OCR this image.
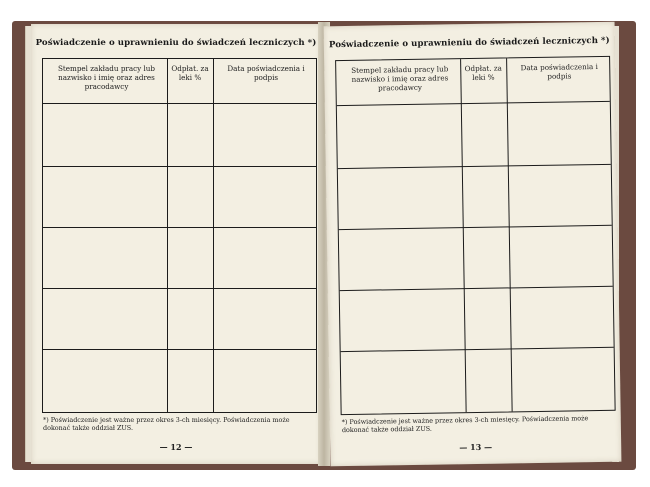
Poświadczenie o uprawnieniu do świadczeń leczniczych *)
Stempel zakładu pracy lub nazwisko i imię oraz adres pracodawcy
Odpłat. za leki %
Data poświadczenia i podpis
*) Poświadczenie jest ważne przez okres 3-ch miesięcy. Poświadczenia może dokonać także oddział ZUS.
— 12 —
Poświadczenie o uprawnieniu do świadczeń leczniczych *)
Stempel zakładu pracy lub nazwisko i imię oraz adres pracodawcy
Odpłat. za leki %
Data poświadczenia i podpis
*) Poświadczenie jest ważne przez okres 3-ch miesięcy. Poświadczenia może dokonać także oddział ZUS.
— 13 —
